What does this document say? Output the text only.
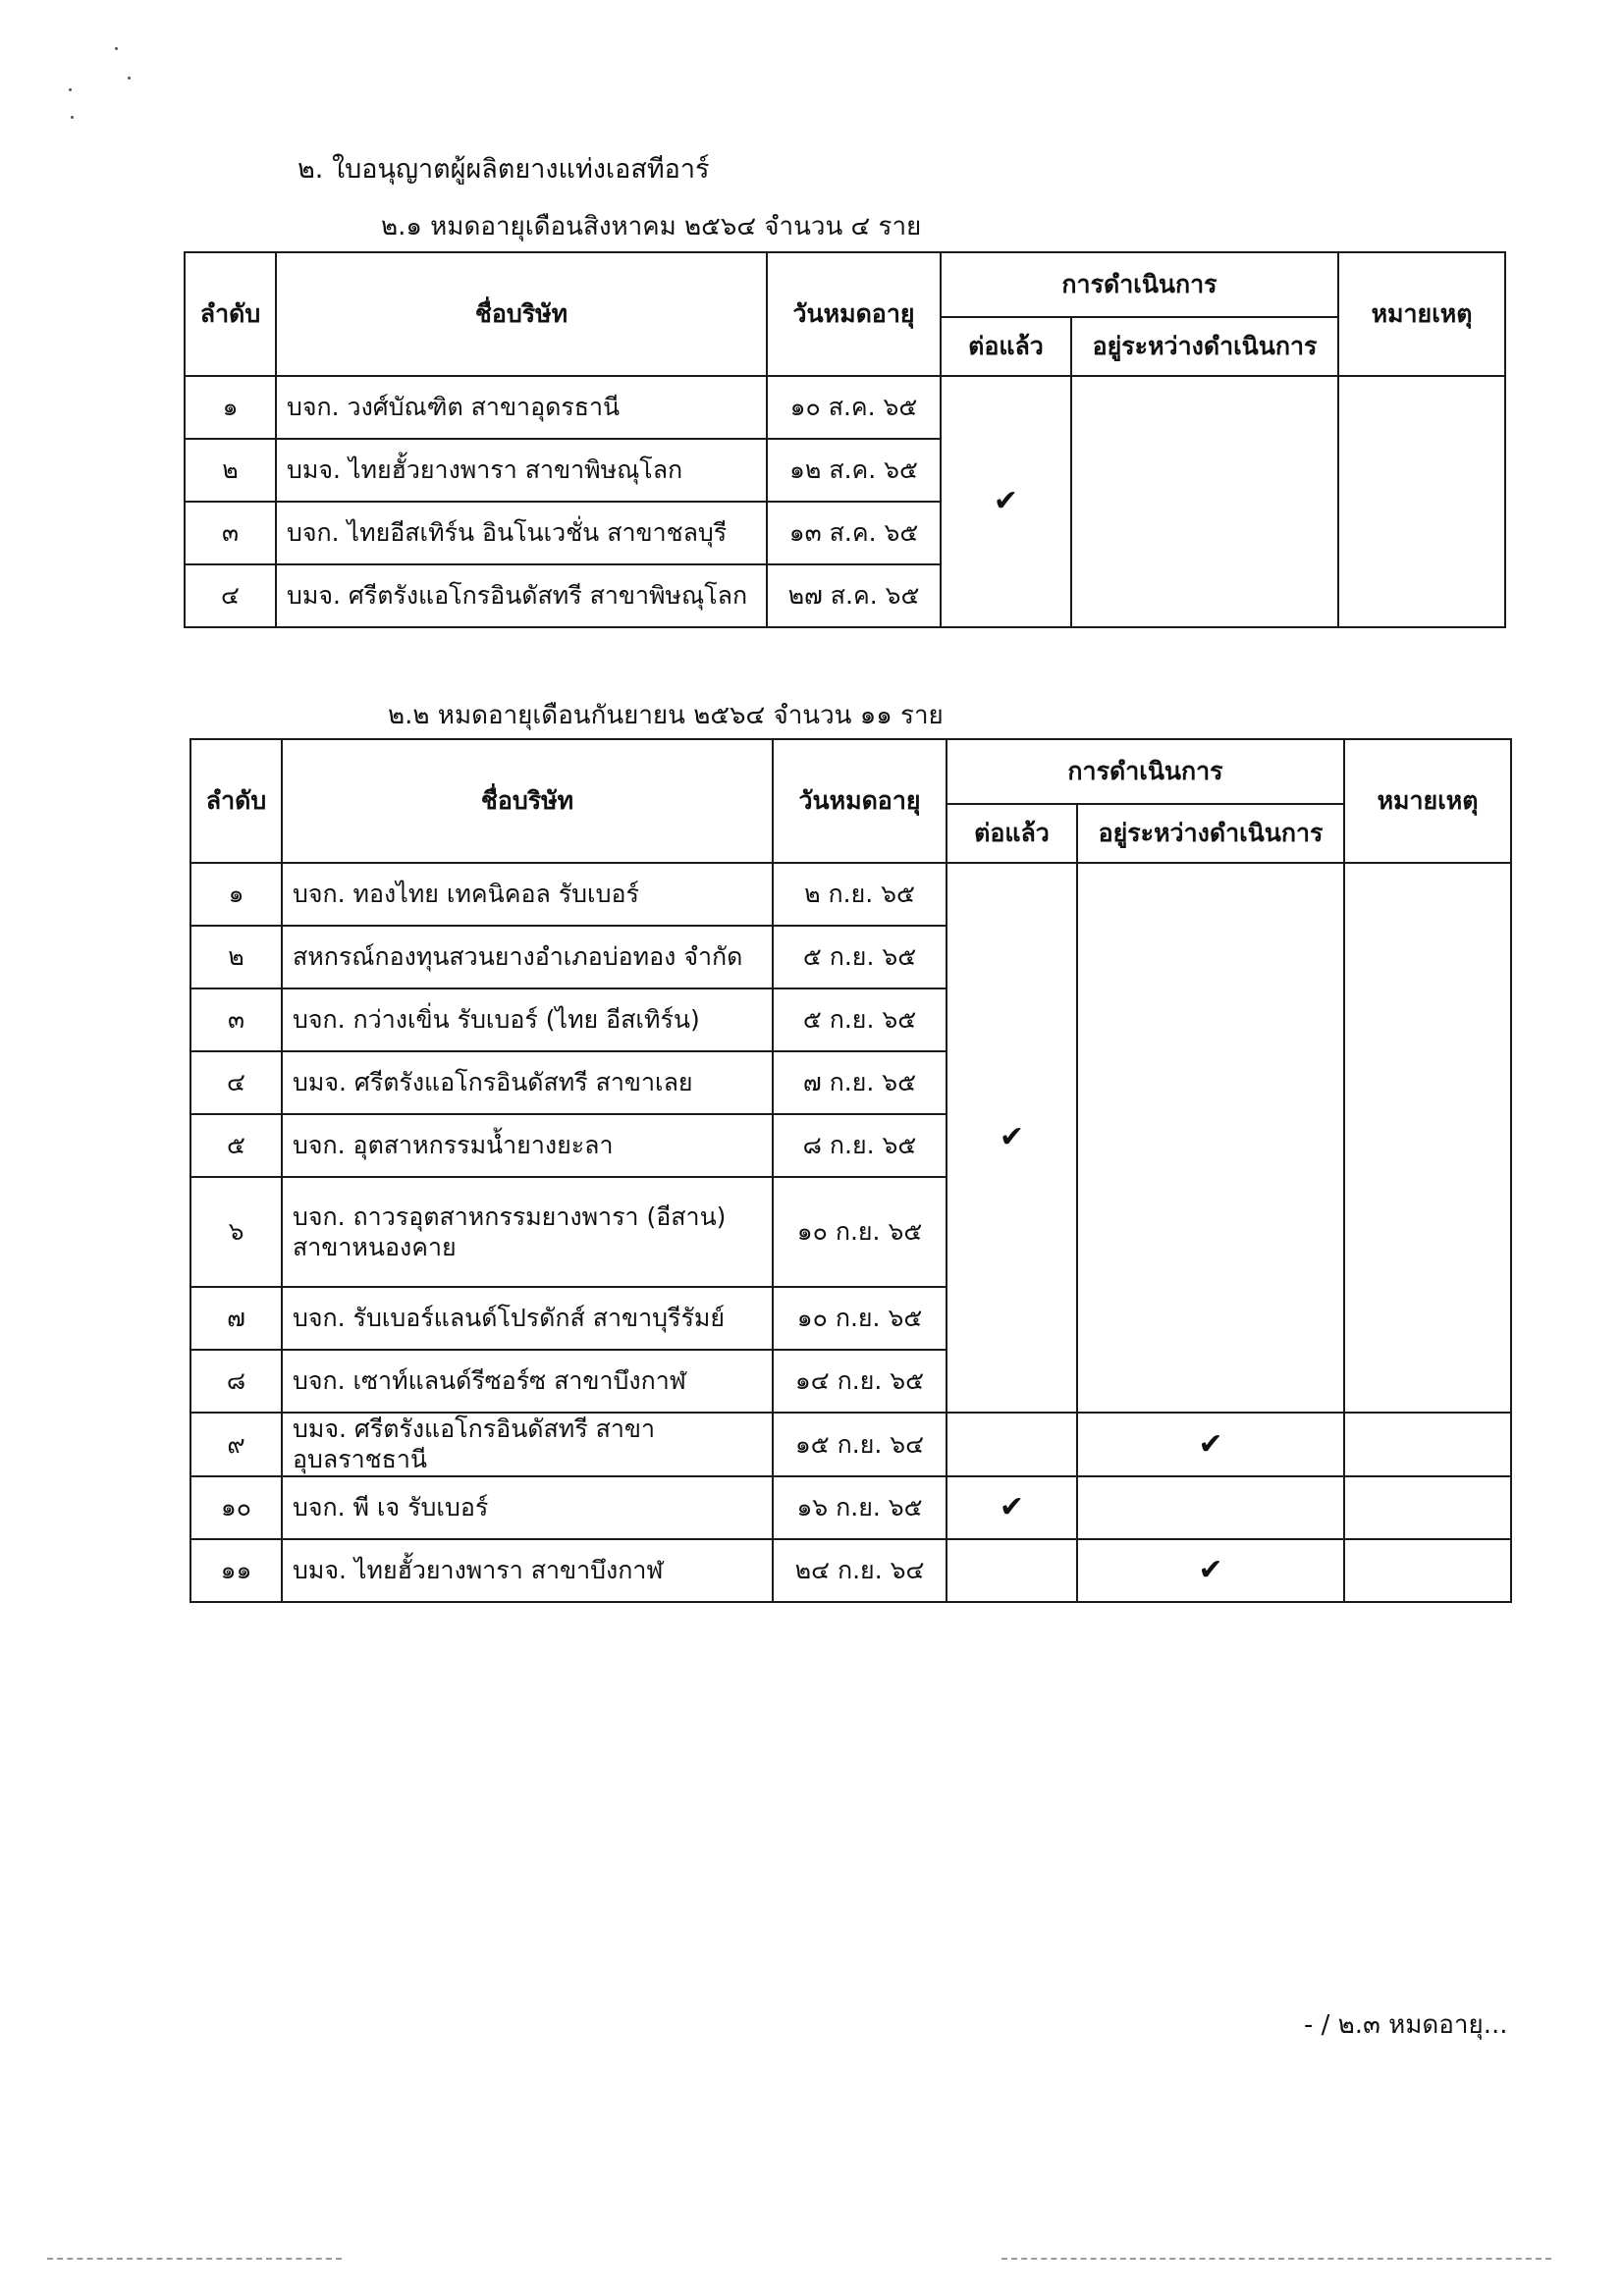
๒. ใบอนุญาตผู้ผลิตยางแท่งเอสทีอาร์
๒.๑ หมดอายุเดือนสิงหาคม ๒๕๖๔ จำนวน ๔ ราย
ลำดับ	ชื่อบริษัท	วันหมดอายุ	การดำเนินการ		หมายเหตุ
			ต่อแล้ว	อยู่ระหว่างดำเนินการ	
๑	บจก. วงศ์บัณฑิต สาขาอุดรธานี	๑๐ ส.ค. ๖๕	✔		
๒	บมจ. ไทยฮั้วยางพารา สาขาพิษณุโลก	๑๒ ส.ค. ๖๕			
๓	บจก. ไทยอีสเทิร์น อินโนเวชั่น สาขาชลบุรี	๑๓ ส.ค. ๖๕			
๔	บมจ. ศรีตรังแอโกรอินดัสทรี สาขาพิษณุโลก	๒๗ ส.ค. ๖๕			
๒.๒ หมดอายุเดือนกันยายน ๒๕๖๔ จำนวน ๑๑ ราย
ลำดับ	ชื่อบริษัท	วันหมดอายุ	การดำเนินการ		หมายเหตุ
			ต่อแล้ว	อยู่ระหว่างดำเนินการ	
๑	บจก. ทองไทย เทคนิคอล รับเบอร์	๒ ก.ย. ๖๕	✔		
๒	สหกรณ์กองทุนสวนยางอำเภอบ่อทอง จำกัด	๕ ก.ย. ๖๕			
๓	บจก. กว่างเขิ่น รับเบอร์ (ไทย อีสเทิร์น)	๕ ก.ย. ๖๕			
๔	บมจ. ศรีตรังแอโกรอินดัสทรี สาขาเลย	๗ ก.ย. ๖๕			
๕	บจก. อุตสาหกรรมน้ำยางยะลา	๘ ก.ย. ๖๕			
๖	บจก. ถาวรอุตสาหกรรมยางพารา (อีสาน) สาขาหนองคาย	๑๐ ก.ย. ๖๕			
๗	บจก. รับเบอร์แลนด์โปรดักส์ สาขาบุรีรัมย์	๑๐ ก.ย. ๖๕			
๘	บจก. เซาท์แลนด์รีซอร์ซ สาขาบึงกาฬ	๑๔ ก.ย. ๖๕			
๙	บมจ. ศรีตรังแอโกรอินดัสทรี สาขาอุบลราชธานี	๑๕ ก.ย. ๖๔		✔	
๑๐	บจก. พี เจ รับเบอร์	๑๖ ก.ย. ๖๕	✔		
๑๑	บมจ. ไทยฮั้วยางพารา สาขาบึงกาฬ	๒๔ ก.ย. ๖๔		✔	
- / ๒.๓ หมดอายุ...
